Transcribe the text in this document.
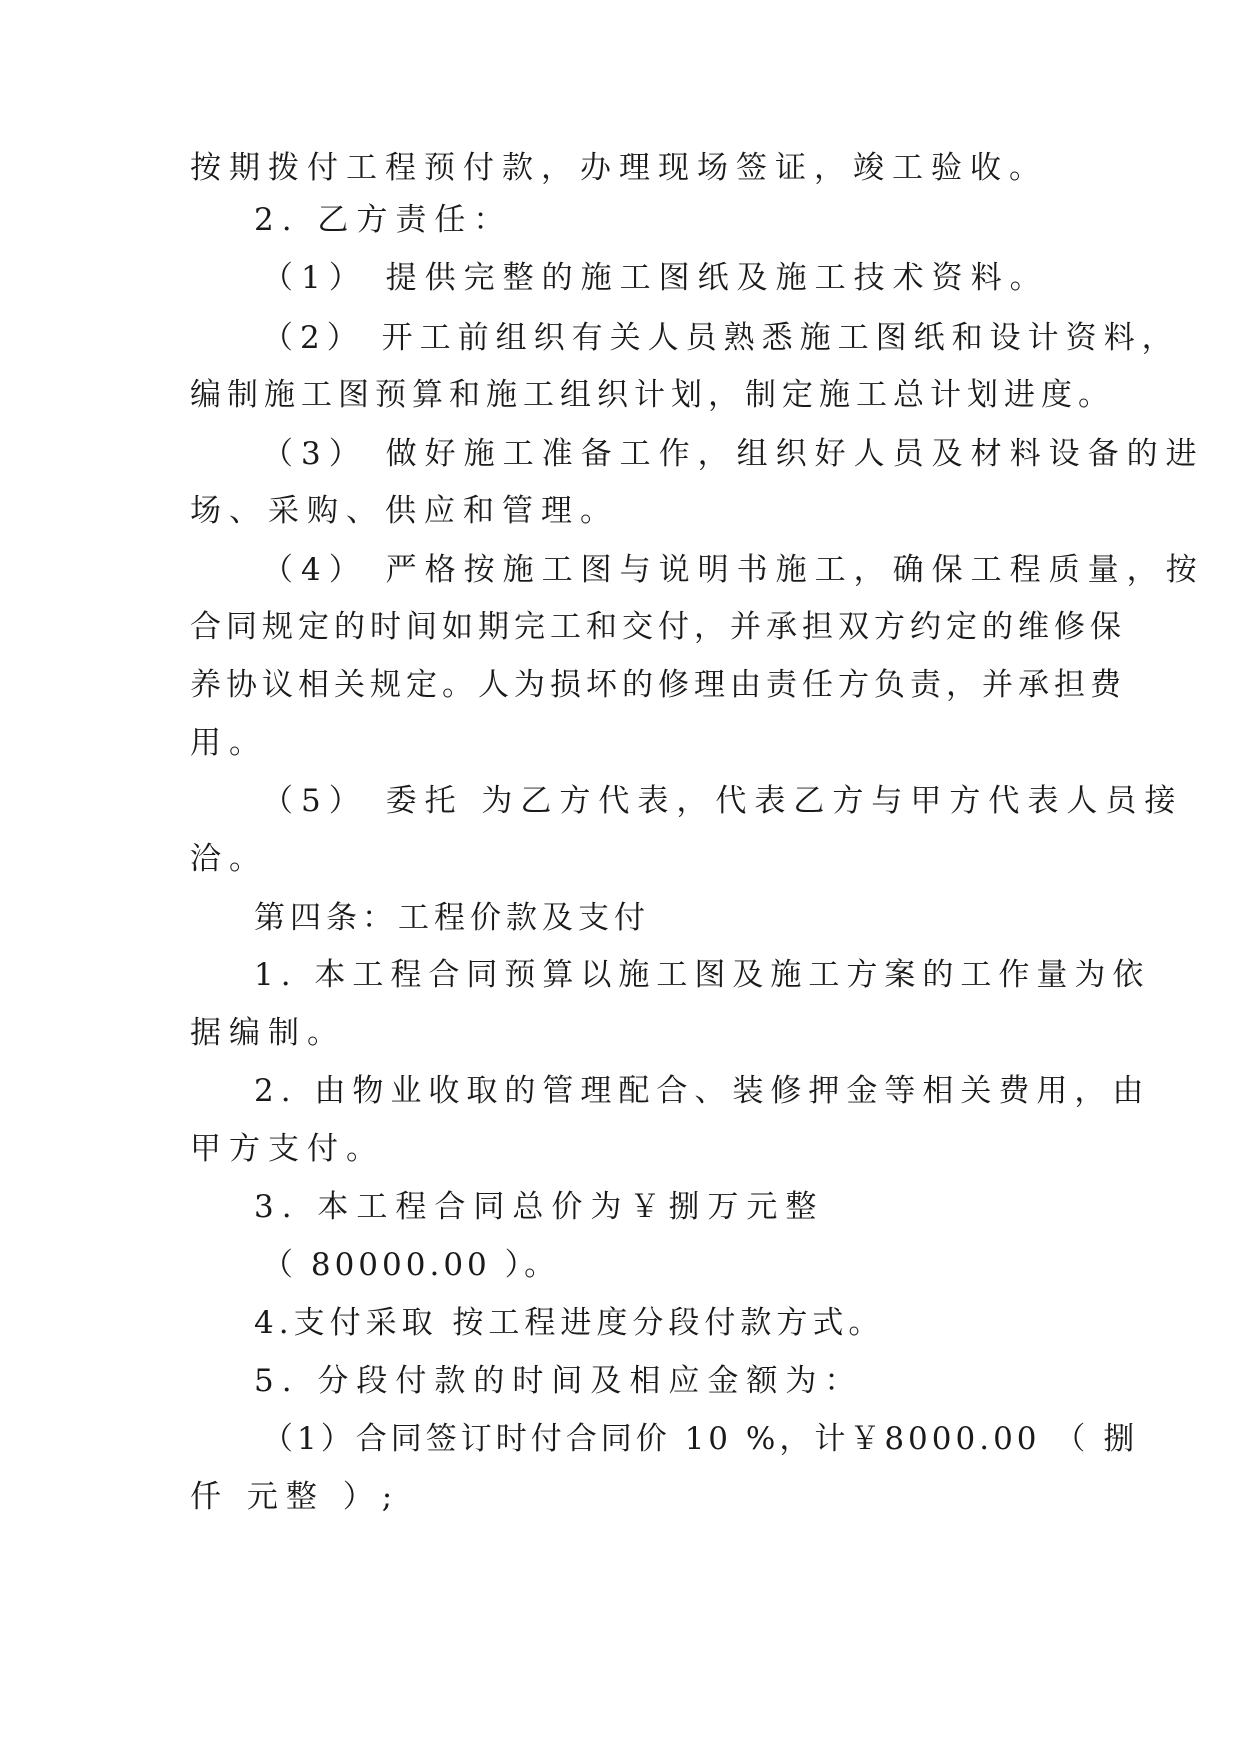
按期拨付工程预付款，办理现场签证，竣工验收。

2. 乙方责任：

（1） 提供完整的施工图纸及施工技术资料。

（2） 开工前组织有关人员熟悉施工图纸和设计资料，

编制施工图预算和施工组织计划，制定施工总计划进度。

（3） 做好施工准备工作，组织好人员及材料设备的进

场、采购、供应和管理。

（4） 严格按施工图与说明书施工，确保工程质量，按

合同规定的时间如期完工和交付，并承担双方约定的维修保

养协议相关规定。人为损坏的修理由责任方负责，并承担费

用。

（5） 委托 为乙方代表，代表乙方与甲方代表人员接

洽。

第四条：工程价款及支付

1. 本工程合同预算以施工图及施工方案的工作量为依

据编制。

2. 由物业收取的管理配合、装修押金等相关费用，由

甲方支付。

3. 本工程合同总价为￥捌万元整

（ 80000.00 ）。

4.支付采取 按工程进度分段付款方式。

5. 分段付款的时间及相应金额为：

（1）合同签订时付合同价 10 %，计￥8000.00 （ 捌

仟 元整 ）;
